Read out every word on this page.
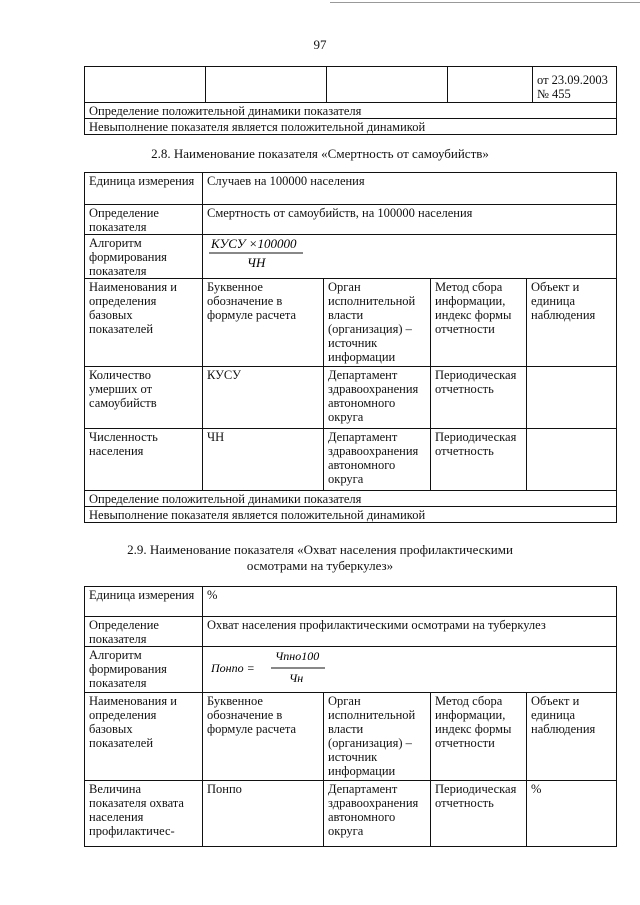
97
				от 23.09.2003 № 455
Определение положительной динамики показателя
Невыполнение показателя является положительной динамикой
2.8. Наименование показателя «Смертность от самоубийств»
Единица измерения	Случаев на 100000 населения			
Определение показателя	Смертность от самоубийств, на 100000 населения			
Алгоритм формирования показателя	КУСУ ×100000
ЧН			

Наименования и определения базовых показателей	Буквенное обозначение в формуле расчета	Орган исполнительной власти (организация) – источник информации	Метод сбора информации, индекс формы отчетности	Объект и единица наблюдения
Количество умерших от самоубийств	КУСУ	Департамент здравоохранения автономного округа	Периодическая отчетность	
Численность населения	ЧН	Департамент здравоохранения автономного округа	Периодическая отчетность	
Определение положительной динамики показателя				
Невыполнение показателя является положительной динамикой				
2.9. Наименование показателя «Охват населения профилактическими
осмотрами на туберкулез»
Единица измерения	%			
Определение показателя	Охват населения профилактическими осмотрами на туберкулез			
Алгоритм формирования показателя	Понпо =
Чпно100
Чн			

Наименования и определения базовых показателей	Буквенное обозначение в формуле расчета	Орган исполнительной власти (организация) – источник информации	Метод сбора информации, индекс формы отчетности	Объект и единица наблюдения
Величина показателя охвата населения профилактичес-	Понпо	Департамент здравоохранения автономного округа	Периодическая отчетность	%
